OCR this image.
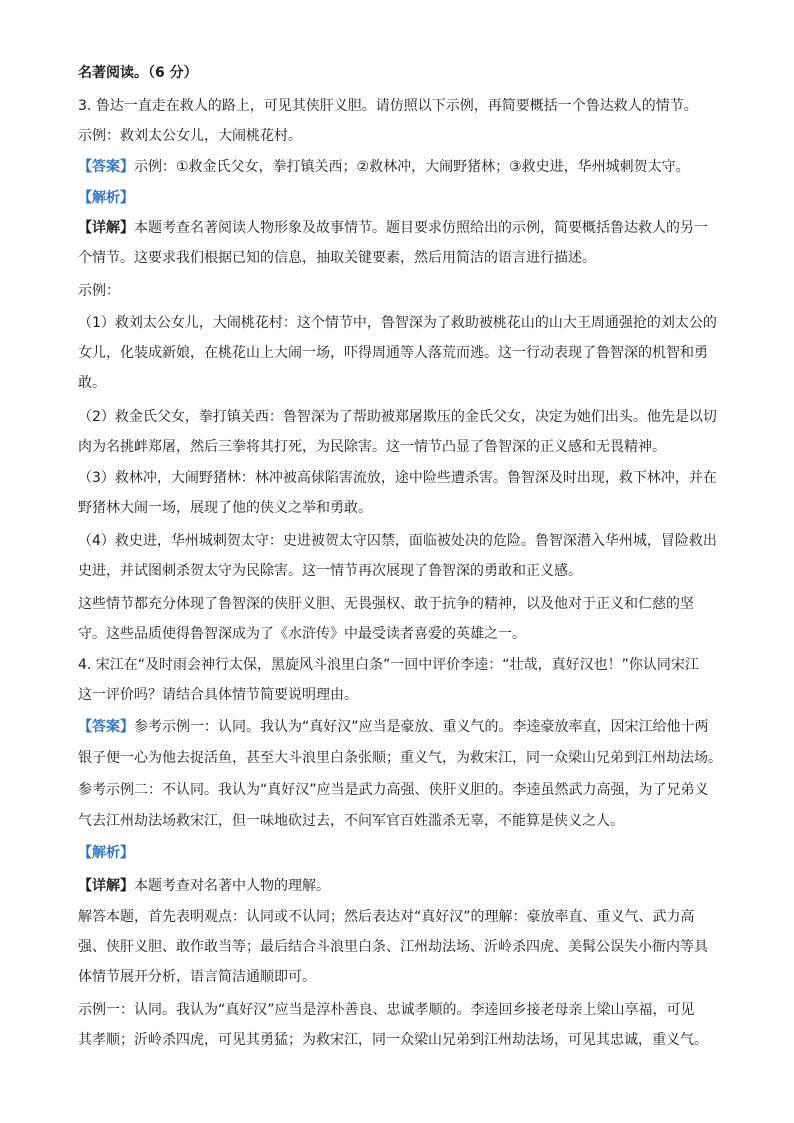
名著阅读。（6 分）
3. 鲁达一直走在救人的路上，可见其侠肝义胆。请仿照以下示例，再简要概括一个鲁达救人的情节。
示例：救刘太公女儿，大闹桃花村。
【答案】示例：①救金氏父女，拳打镇关西；②救林冲，大闹野猪林；③救史进，华州城刺贺太守。
【解析】
【详解】本题考查名著阅读人物形象及故事情节。题目要求仿照给出的示例，简要概括鲁达救人的另一
个情节。这要求我们根据已知的信息，抽取关键要素，然后用简洁的语言进行描述。
示例：
（1）救刘太公女儿，大闹桃花村：这个情节中，鲁智深为了救助被桃花山的山大王周通强抢的刘太公的
女儿，化装成新娘，在桃花山上大闹一场，吓得周通等人落荒而逃。这一行动表现了鲁智深的机智和勇
敢。
（2）救金氏父女，拳打镇关西：鲁智深为了帮助被郑屠欺压的金氏父女，决定为她们出头。他先是以切
肉为名挑衅郑屠，然后三拳将其打死，为民除害。这一情节凸显了鲁智深的正义感和无畏精神。
（3）救林冲，大闹野猪林：林冲被高俅陷害流放，途中险些遭杀害。鲁智深及时出现，救下林冲，并在
野猪林大闹一场，展现了他的侠义之举和勇敢。
（4）救史进，华州城刺贺太守：史进被贺太守囚禁，面临被处决的危险。鲁智深潜入华州城，冒险救出
史进，并试图刺杀贺太守为民除害。这一情节再次展现了鲁智深的勇敢和正义感。
这些情节都充分体现了鲁智深的侠肝义胆、无畏强权、敢于抗争的精神，以及他对于正义和仁慈的坚
守。这些品质使得鲁智深成为了《水浒传》中最受读者喜爱的英雄之一。
4. 宋江在“及时雨会神行太保，黑旋风斗浪里白条”一回中评价李逵：“壮哉，真好汉也！”你认同宋江
这一评价吗？请结合具体情节简要说明理由。
【答案】参考示例一：认同。我认为“真好汉”应当是豪放、重义气的。李逵豪放率直，因宋江给他十两
银子便一心为他去捉活鱼，甚至大斗浪里白条张顺；重义气，为救宋江，同一众梁山兄弟到江州劫法场。
参考示例二：不认同。我认为“真好汉”应当是武力高强、侠肝义胆的。李逵虽然武力高强，为了兄弟义
气去江州劫法场救宋江，但一味地砍过去，不问军官百姓滥杀无辜，不能算是侠义之人。
【解析】
【详解】本题考查对名著中人物的理解。
解答本题，首先表明观点：认同或不认同；然后表达对“真好汉”的理解：豪放率直、重义气、武力高
强、侠肝义胆、敢作敢当等；最后结合斗浪里白条、江州劫法场、沂岭杀四虎、美髯公误失小衙内等具
体情节展开分析，语言简洁通顺即可。
示例一：认同。我认为“真好汉”应当是淳朴善良、忠诚孝顺的。李逵回乡接老母亲上梁山享福，可见
其孝顺；沂岭杀四虎，可见其勇猛；为救宋江，同一众梁山兄弟到江州劫法场，可见其忠诚，重义气。
